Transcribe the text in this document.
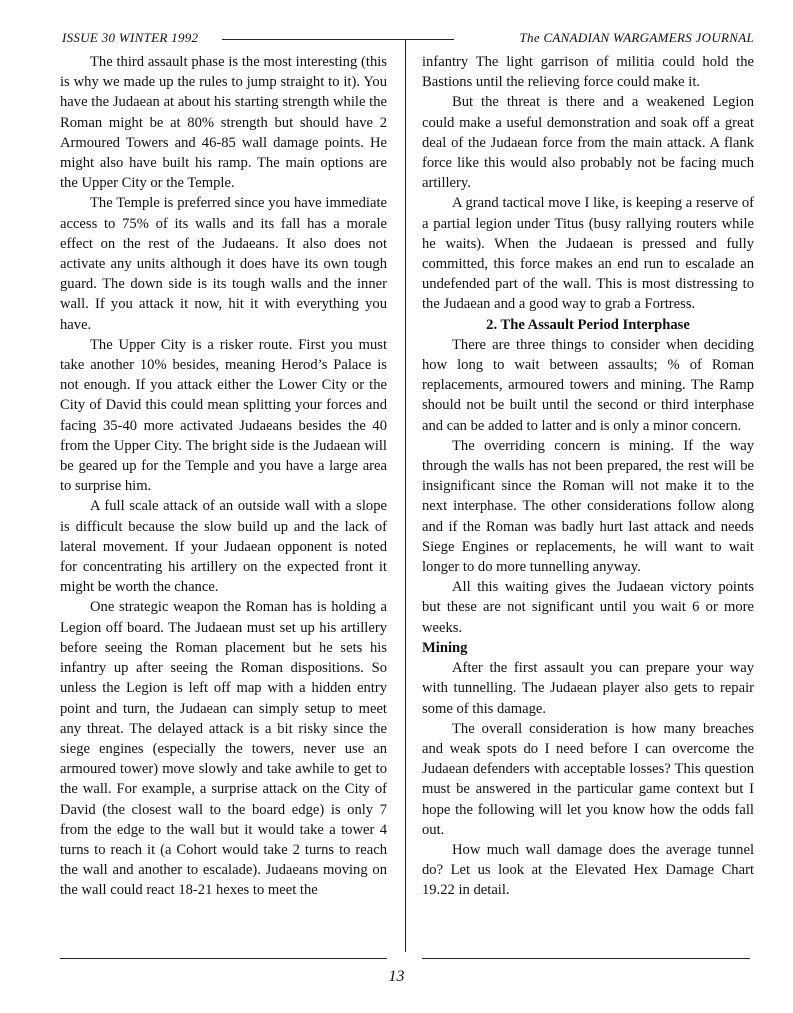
ISSUE 30 WINTER 1992	The CANADIAN WARGAMERS JOURNAL

The third assault phase is the most interesting (this is why we made up the rules to jump straight to it). You have the Judaean at about his starting strength while the Roman might be at 80% strength but should have 2 Armoured Towers and 46-85 wall damage points. He might also have built his ramp. The main options are the Upper City or the Temple.

The Temple is preferred since you have immediate access to 75% of its walls and its fall has a morale effect on the rest of the Judaeans. It also does not activate any units although it does have its own tough guard. The down side is its tough walls and the inner wall. If you attack it now, hit it with everything you have.

The Upper City is a risker route. First you must take another 10% besides, meaning Herod’s Palace is not enough. If you attack either the Lower City or the City of David this could mean splitting your forces and facing 35-40 more activated Judaeans besides the 40 from the Upper City. The bright side is the Judaean will be geared up for the Temple and you have a large area to surprise him.

A full scale attack of an outside wall with a slope is difficult because the slow build up and the lack of lateral movement. If your Judaean opponent is noted for concentrating his artillery on the expected front it might be worth the chance.

One strategic weapon the Roman has is holding a Legion off board. The Judaean must set up his artillery before seeing the Roman placement but he sets his infantry up after seeing the Roman dispositions. So unless the Legion is left off map with a hidden entry point and turn, the Judaean can simply setup to meet any threat. The delayed attack is a bit risky since the siege engines (especially the towers, never use an armoured tower) move slowly and take awhile to get to the wall. For example, a surprise attack on the City of David (the closest wall to the board edge) is only 7 from the edge to the wall but it would take a tower 4 turns to reach it (a Cohort would take 2 turns to reach the wall and another to escalade). Judaeans moving on the wall could react 18-21 hexes to meet the

infantry The light garrison of militia could hold the Bastions until the relieving force could make it.

But the threat is there and a weakened Legion could make a useful demonstration and soak off a great deal of the Judaean force from the main attack. A flank force like this would also probably not be facing much artillery.

A grand tactical move I like, is keeping a reserve of a partial legion under Titus (busy rallying routers while he waits). When the Judaean is pressed and fully committed, this force makes an end run to escalade an undefended part of the wall. This is most distressing to the Judaean and a good way to grab a Fortress.

2. The Assault Period Interphase

There are three things to consider when deciding how long to wait between assaults; % of Roman replacements, armoured towers and mining. The Ramp should not be built until the second or third interphase and can be added to latter and is only a minor concern.

The overriding concern is mining. If the way through the walls has not been prepared, the rest will be insignificant since the Roman will not make it to the next interphase. The other considerations follow along and if the Roman was badly hurt last attack and needs Siege Engines or replacements, he will want to wait longer to do more tunnelling anyway.

All this waiting gives the Judaean victory points but these are not significant until you wait 6 or more weeks.

Mining

After the first assault you can prepare your way with tunnelling. The Judaean player also gets to repair some of this damage.

The overall consideration is how many breaches and weak spots do I need before I can overcome the Judaean defenders with acceptable losses? This question must be answered in the particular game context but I hope the following will let you know how the odds fall out.

How much wall damage does the average tunnel do? Let us look at the Elevated Hex Damage Chart 19.22 in detail.

13
